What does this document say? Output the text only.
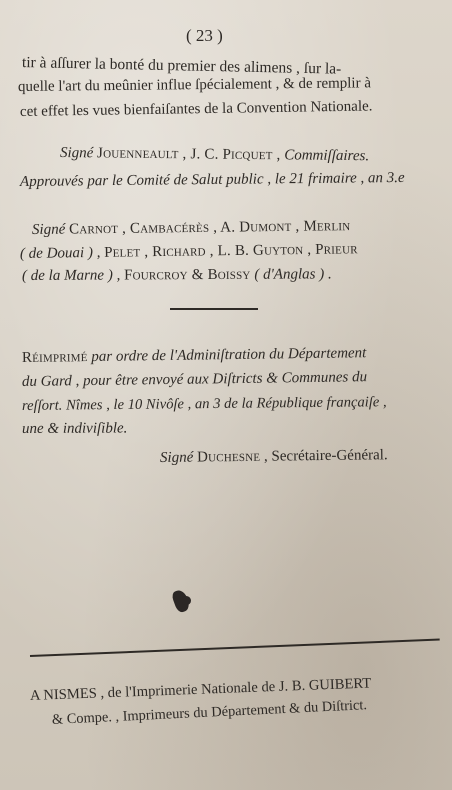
( 23 )
tir à aſſurer la bonté du premier des alimens , ſur la-
quelle l'art du meûnier influe ſpécialement , & de remplir à
cet effet les vues bienfaiſantes de la Convention Nationale.
Signé Jouenneault , J. C. Picquet , Commiſſaires.
Approuvés par le Comité de Salut public , le 21 frimaire , an 3.e
Signé Carnot , Cambacérès , A. Dumont , Merlin
( de Douai ) , Pelet , Richard , L. B. Guyton , Prieur
( de la Marne ) , Fourcroy & Boissy ( d'Anglas ) .
Réimprimé par ordre de l'Adminiſtration du Département
du Gard , pour être envoyé aux Diſtricts & Communes du
reſſort. Nîmes , le 10 Nivôſe , an 3 de la République françaiſe ,
une & indiviſible.
Signé Duchesne , Secrétaire-Général.
A NISMES , de l'Imprimerie Nationale de J. B. GUIBERT
& Compe. , Imprimeurs du Département & du Diſtrict.
